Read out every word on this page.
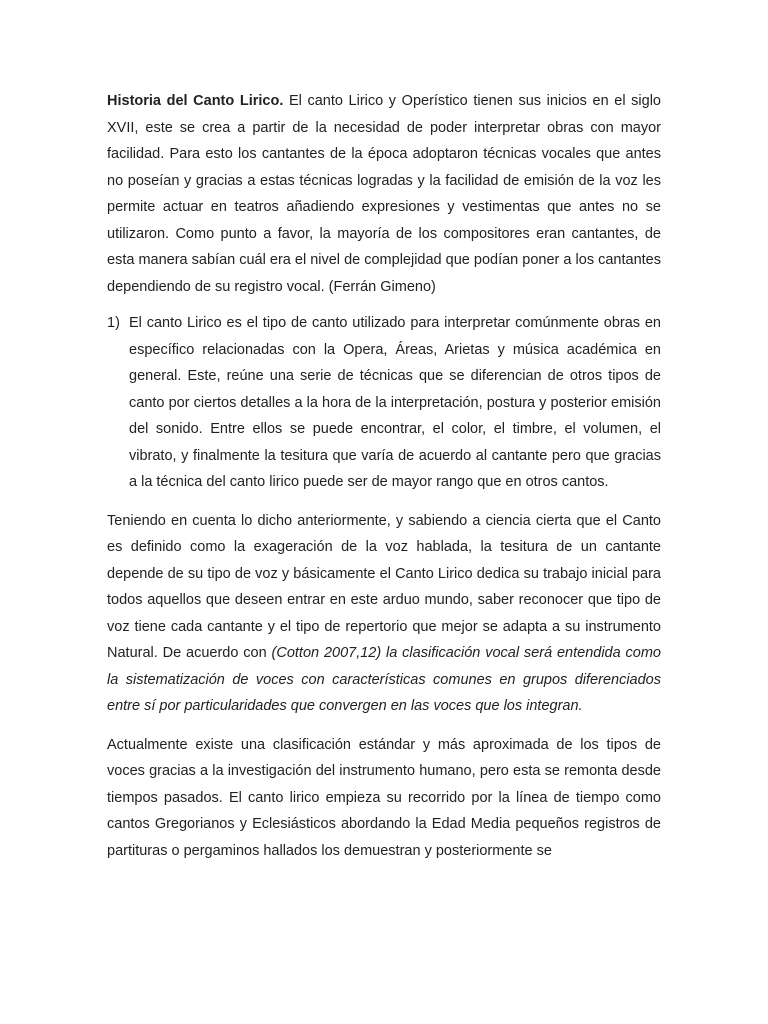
Historia del Canto Lirico. El canto Lirico y Operístico tienen sus inicios en el siglo XVII, este se crea a partir de la necesidad de poder interpretar obras con mayor facilidad. Para esto los cantantes de la época adoptaron técnicas vocales que antes no poseían y gracias a estas técnicas logradas y la facilidad de emisión de la voz les permite actuar en teatros añadiendo expresiones y vestimentas que antes no se utilizaron. Como punto a favor, la mayoría de los compositores eran cantantes, de esta manera sabían cuál era el nivel de complejidad que podían poner a los cantantes dependiendo de su registro vocal. (Ferrán Gimeno)

1) El canto Lirico es el tipo de canto utilizado para interpretar comúnmente obras en específico relacionadas con la Opera, Áreas, Arietas y música académica en general. Este, reúne una serie de técnicas que se diferencian de otros tipos de canto por ciertos detalles a la hora de la interpretación, postura y posterior emisión del sonido. Entre ellos se puede encontrar, el color, el timbre, el volumen, el vibrato, y finalmente la tesitura que varía de acuerdo al cantante pero que gracias a la técnica del canto lirico puede ser de mayor rango que en otros cantos.

Teniendo en cuenta lo dicho anteriormente, y sabiendo a ciencia cierta que el Canto es definido como la exageración de la voz hablada, la tesitura de un cantante depende de su tipo de voz y básicamente el Canto Lirico dedica su trabajo inicial para todos aquellos que deseen entrar en este arduo mundo, saber reconocer que tipo de voz tiene cada cantante y el tipo de repertorio que mejor se adapta a su instrumento Natural. De acuerdo con (Cotton 2007,12) la clasificación vocal será entendida como la sistematización de voces con características comunes en grupos diferenciados entre sí por particularidades que convergen en las voces que los integran.

Actualmente existe una clasificación estándar y más aproximada de los tipos de voces gracias a la investigación del instrumento humano, pero esta se remonta desde tiempos pasados. El canto lirico empieza su recorrido por la línea de tiempo como cantos Gregorianos y Eclesiásticos abordando la Edad Media pequeños registros de partituras o pergaminos hallados los demuestran y posteriormente se
